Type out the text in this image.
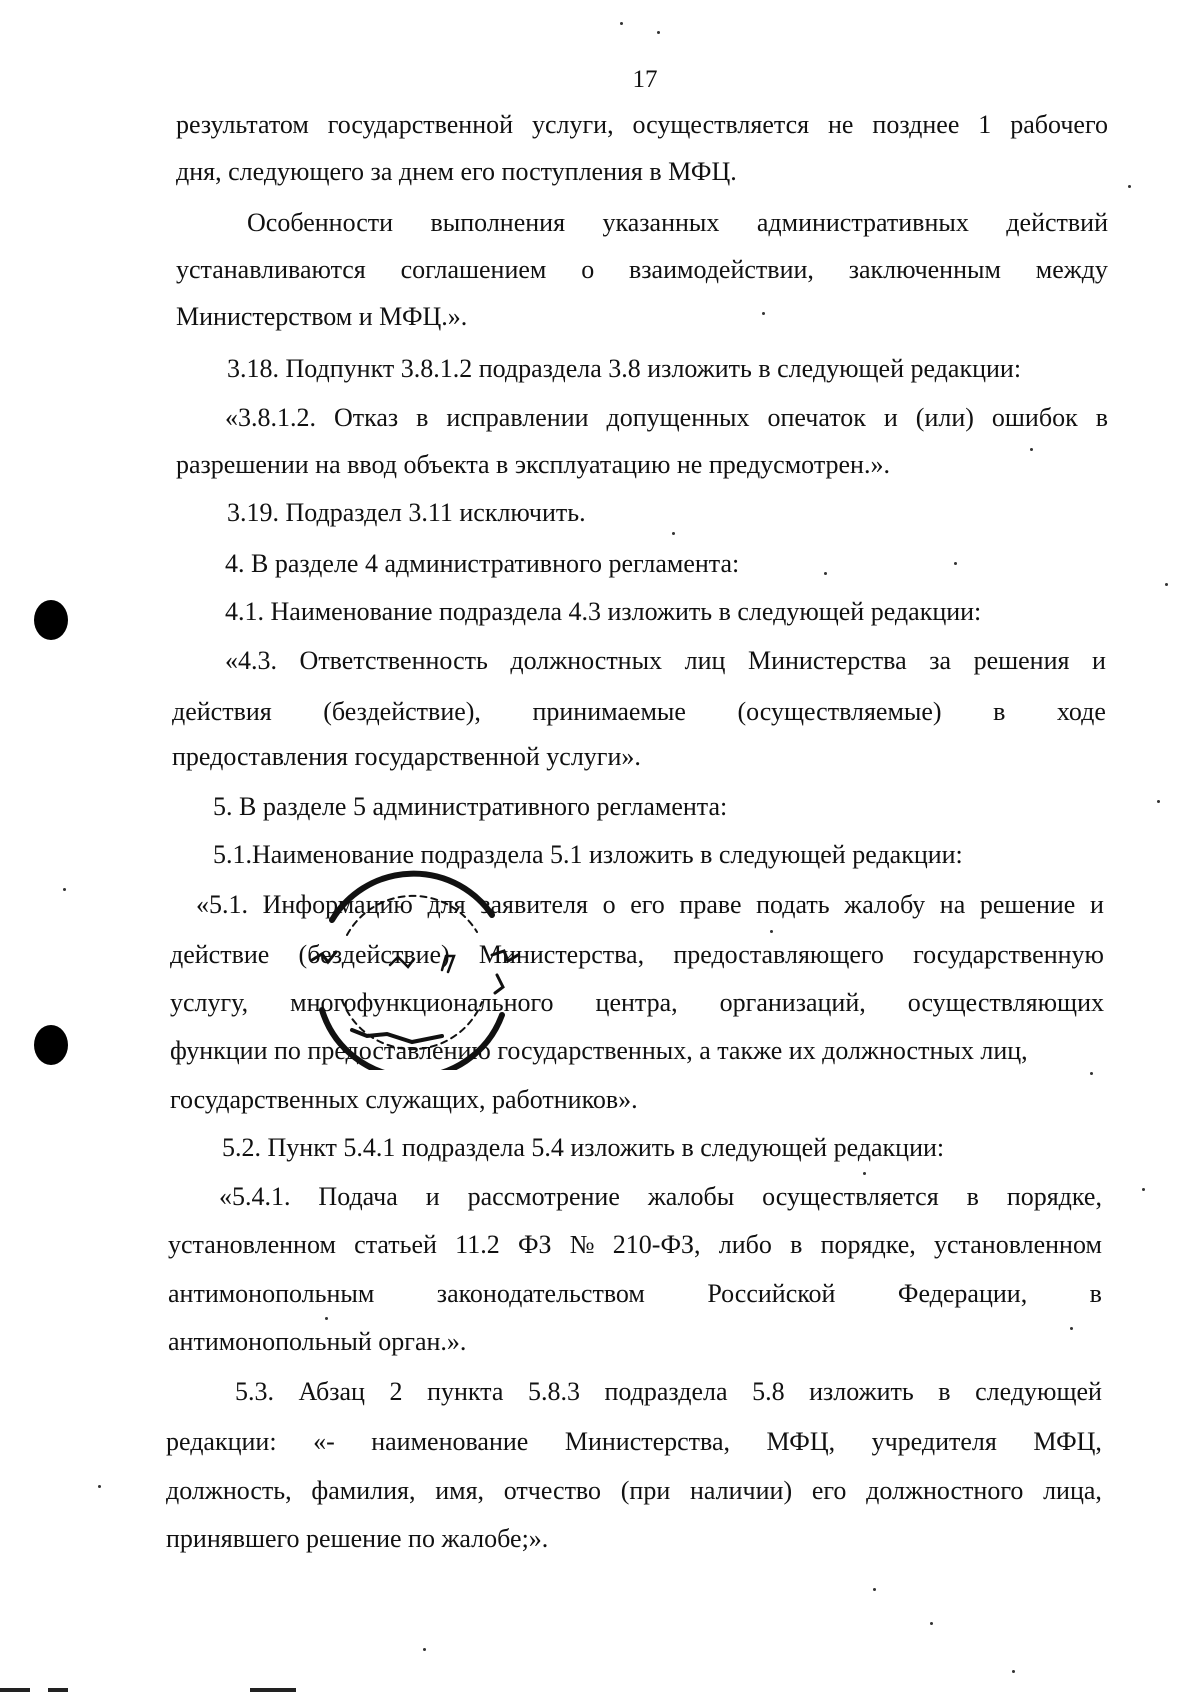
17
результатом государственной услуги, осуществляется не позднее 1 рабочего
дня, следующего за днем его поступления в МФЦ.
Особенности выполнения указанных административных действий
устанавливаются соглашением о взаимодействии, заключенным между
Министерством и МФЦ.».
3.18. Подпункт 3.8.1.2 подраздела 3.8 изложить в следующей редакции:
«3.8.1.2. Отказ в исправлении допущенных опечаток и (или) ошибок в
разрешении на ввод объекта в эксплуатацию не предусмотрен.».
3.19. Подраздел 3.11 исключить.
4. В разделе 4 административного регламента:
4.1. Наименование подраздела 4.3 изложить в следующей редакции:
«4.3. Ответственность должностных лиц Министерства за решения и
действия (бездействие), принимаемые (осуществляемые) в ходе
предоставления государственной услуги».
5. В разделе 5 административного регламента:
5.1.Наименование подраздела 5.1 изложить в следующей редакции:
«5.1. Информацию для заявителя о его праве подать жалобу на решение и
действие (бездействие) Министерства, предоставляющего государственную
услугу, многофункционального центра, организаций, осуществляющих
функции по предоставлению государственных, а также их должностных лиц,
государственных служащих, работников».
5.2. Пункт 5.4.1 подраздела 5.4 изложить в следующей редакции:
«5.4.1. Подача и рассмотрение жалобы осуществляется в порядке,
установленном статьей 11.2 ФЗ № 210-ФЗ, либо в порядке, установленном
антимонопольным законодательством Российской Федерации, в
антимонопольный орган.».
5.3. Абзац 2 пункта 5.8.3 подраздела 5.8 изложить в следующей
редакции: «- наименование Министерства, МФЦ, учредителя МФЦ,
должность, фамилия, имя, отчество (при наличии) его должностного лица,
принявшего решение по жалобе;».
